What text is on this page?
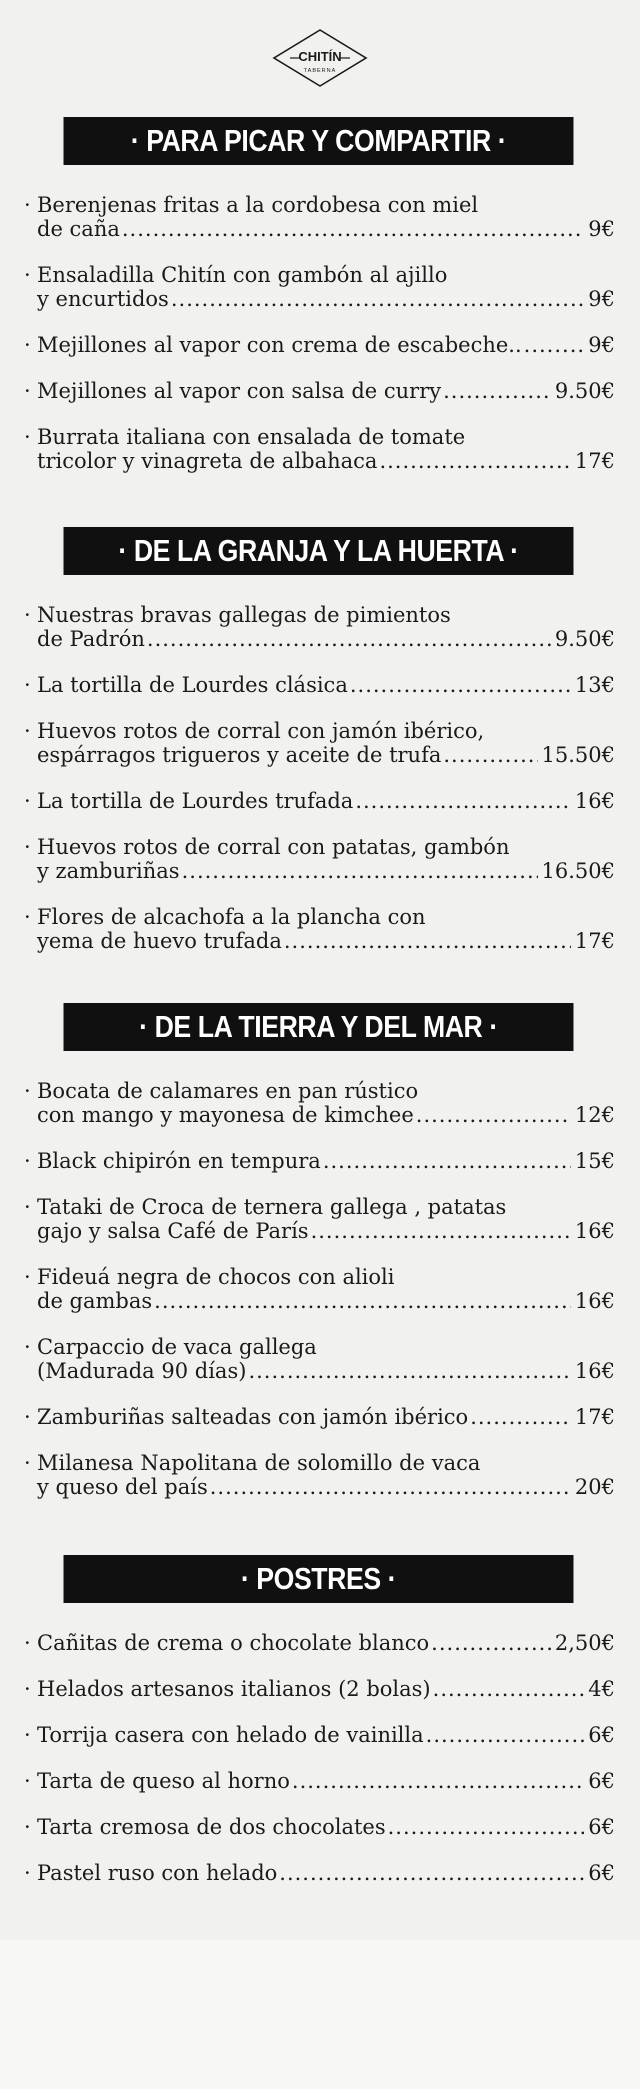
CHITÍN
TABERNA
· PARA PICAR Y COMPARTIR ·
· Berenjenas fritas a la cordobesa con miel
de caña .....	9€
· Ensaladilla Chitín con gambón al ajillo
y encurtidos .....	9€
· Mejillones al vapor con crema de escabeche.. .....	9€
· Mejillones al vapor con salsa de curry .....	9.50€
· Burrata italiana con ensalada de tomate
tricolor y vinagreta de albahaca .....	17€
· DE LA GRANJA Y LA HUERTA ·
· Nuestras bravas gallegas de pimientos
de Padrón .....	9.50€
· La tortilla de Lourdes clásica .....	13€
· Huevos rotos de corral con jamón ibérico,
espárragos trigueros y aceite de trufa .....	15.50€
· La tortilla de Lourdes trufada .....	16€
· Huevos rotos de corral con patatas, gambón
y zamburiñas .....	16.50€
· Flores de alcachofa a la plancha con
yema de huevo trufada .....	17€
· DE LA TIERRA Y DEL MAR ·
· Bocata de calamares en pan rústico
con mango y mayonesa de kimchee .....	12€
· Black chipirón en tempura .....	15€
· Tataki de Croca de ternera gallega , patatas
gajo y salsa Café de París .....	16€
· Fideuá negra de chocos con alioli
de gambas .....	16€
· Carpaccio de vaca gallega
(Madurada 90 días) .....	16€
· Zamburiñas salteadas con jamón ibérico .....	17€
· Milanesa Napolitana de solomillo de vaca
y queso del país .....	20€
· POSTRES ·
· Cañitas de crema o chocolate blanco .....	2,50€
· Helados artesanos italianos (2 bolas) .....	4€
· Torrija casera con helado de vainilla .....	6€
· Tarta de queso al horno .....	6€
· Tarta cremosa de dos chocolates .....	6€
· Pastel ruso con helado .....	6€
